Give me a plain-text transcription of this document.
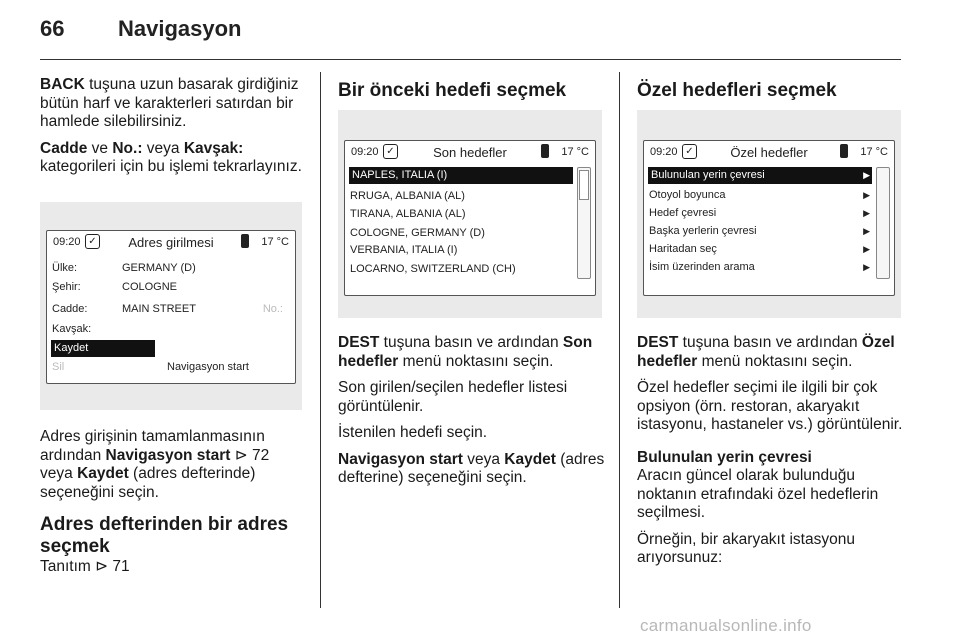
66 Navigasyon

BACK tuşuna uzun basarak girdiğiniz bütün harf ve karakterleri satırdan bir hamlede silebilirsiniz.

Cadde ve No.: veya Kavşak:
kategorileri için bu işlemi tekrarlayınız.

09:20 ✓	Adres girilmesi	17 °C
Ülke:	GERMANY (D)
Şehir:	COLOGNE
Cadde:	MAIN STREET	No.:
Kavşak:
Kaydet
Sil	Navigasyon start

Adres girişinin tamamlanmasının ardından Navigasyon start ⊳ 72
veya Kaydet (adres defterinde) seçeneğini seçin.

Adres defterinden bir adres seçmek

Tanıtım ⊳ 71

Bir önceki hedefi seçmek
09:20 ✓	Son hedefler	17 °C
NAPLES, ITALIA (I)
RRUGA, ALBANIA (AL)
TIRANA, ALBANIA (AL)
COLOGNE, GERMANY (D)
VERBANIA, ITALIA (I)
LOCARNO, SWITZERLAND (CH)

DEST tuşuna basın ve ardından Son hedefler menü noktasını seçin.

Son girilen/seçilen hedefler listesi görüntülenir.

İstenilen hedefi seçin.

Navigasyon start veya Kaydet (adres defterine) seçeneğini seçin.

Özel hedefleri seçmek
09:20 ✓	Özel hedefler	17 °C
Bulunulan yerin çevresi	▶
Otoyol boyunca	▶
Hedef çevresi	▶
Başka yerlerin çevresi	▶
Haritadan seç	▶
İsim üzerinden arama	▶

DEST tuşuna basın ve ardından Özel hedefler menü noktasını seçin.

Özel hedefler seçimi ile ilgili bir çok opsiyon (örn. restoran, akaryakıt istasyonu, hastaneler vs.) görüntülenir.

Bulunulan yerin çevresi

Aracın güncel olarak bulunduğu noktanın etrafındaki özel hedeflerin seçilmesi.

Örneğin, bir akaryakıt istasyonu arıyorsunuz:

carmanualsonline.info
